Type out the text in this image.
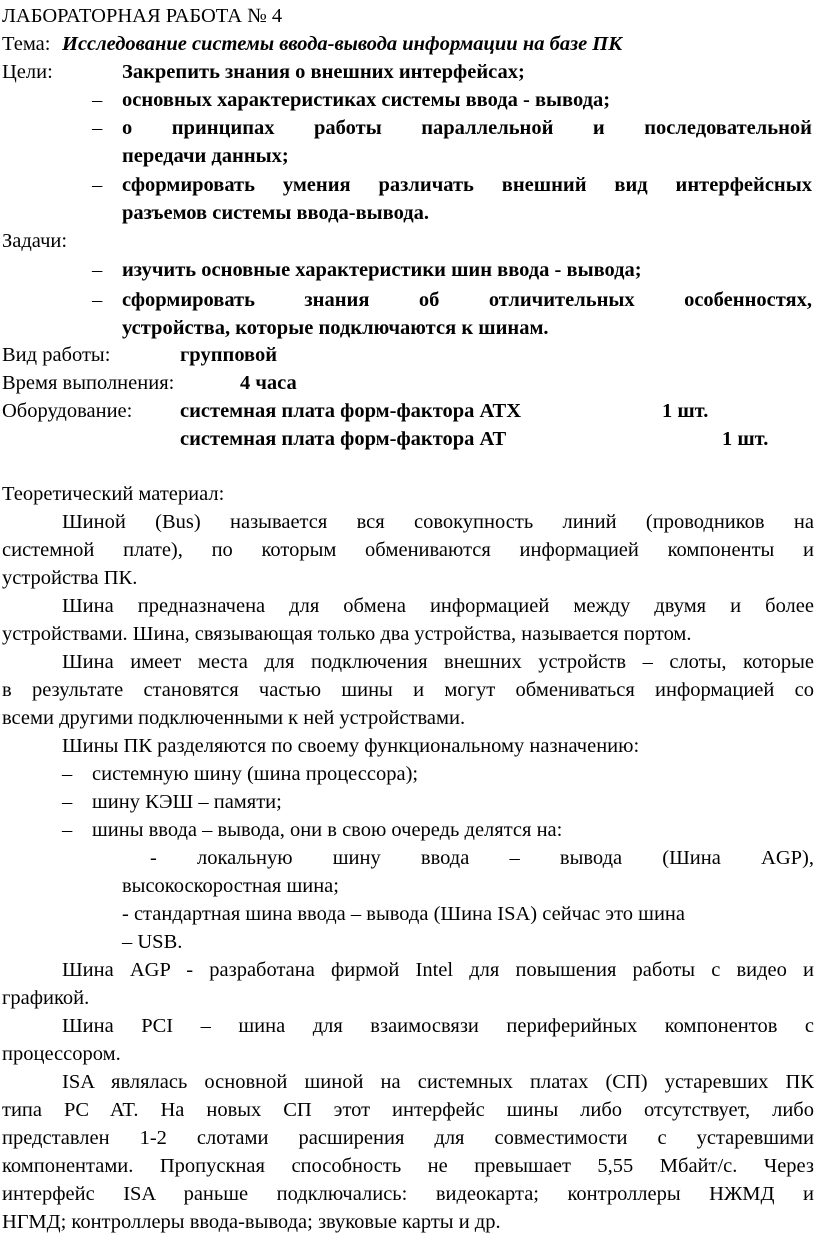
ЛАБОРАТОРНАЯ РАБОТА № 4
Тема: Исследование системы ввода-вывода информации на базе ПК
Цели:	Закрепить знания о внешних интерфейсах;
– основных характеристиках системы ввода - вывода;
– о принципах работы параллельной и последовательной
передачи данных;
– сформировать умения различать внешний вид интерфейсных
разъемов системы ввода-вывода.
Задачи:
– изучить основные характеристики шин ввода - вывода;
– сформировать знания об отличительных особенностях,
устройства, которые подключаются к шинам.
Вид работы:	групповой
Время выполнения:	4 часа
Оборудование: системная плата форм-фактора АТХ	1 шт.
системная плата форм-фактора АТ	1 шт.
Теоретический материал:
Шиной (Bus) называется вся совокупность линий (проводников на
системной плате), по которым обмениваются информацией компоненты и
устройства ПК.
Шина предназначена для обмена информацией между двумя и более
устройствами. Шина, связывающая только два устройства, называется портом.
Шина имеет места для подключения внешних устройств – слоты, которые
в результате становятся частью шины и могут обмениваться информацией со
всеми другими подключенными к ней устройствами.
Шины ПК разделяются по своему функциональному назначению:
– системную шину (шина процессора);
– шину КЭШ – памяти;
– шины ввода – вывода, они в свою очередь делятся на:
- локальную шину ввода – вывода (Шина AGP),
высокоскоростная шина;
- стандартная шина ввода – вывода (Шина ISA) сейчас это шина
– USB.
Шина AGP - разработана фирмой Intel для повышения работы с видео и
графикой.
Шина PCI – шина для взаимосвязи периферийных компонентов с
процессором.
ISA являлась основной шиной на системных платах (СП) устаревших ПК
типа PC AT. На новых СП этот интерфейс шины либо отсутствует, либо
представлен 1-2 слотами расширения для совместимости с устаревшими
компонентами. Пропускная способность не превышает 5,55 Мбайт/с. Через
интерфейс ISA раньше подключались: видеокарта; контроллеры НЖМД и
НГМД; контроллеры ввода-вывода; звуковые карты и др.
